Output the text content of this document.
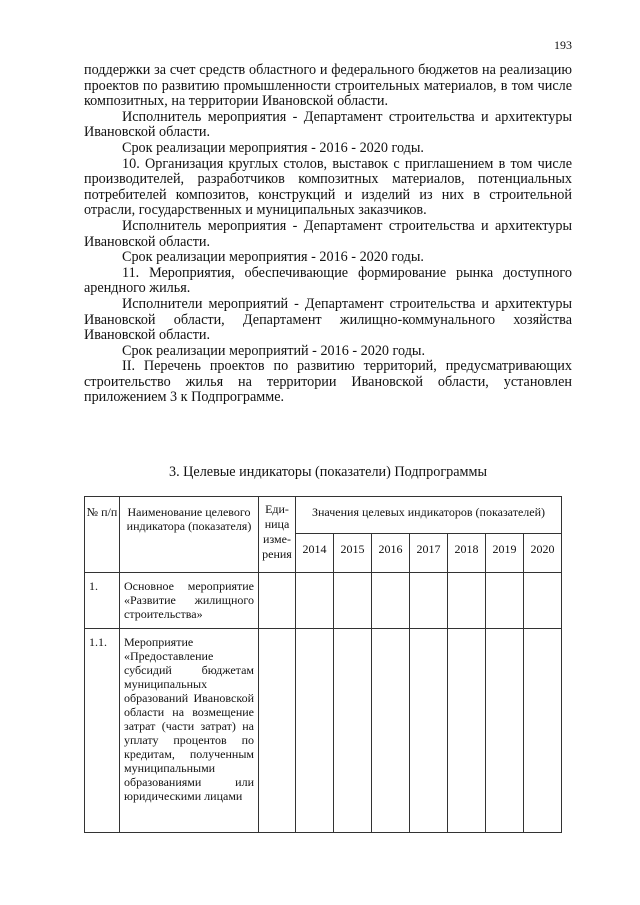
193

поддержки за счет средств областного и федерального бюджетов на реализацию проектов по развитию промышленности строительных материалов, в том числе композитных, на территории Ивановской области.

Исполнитель мероприятия - Департамент строительства и архитектуры Ивановской области.

Срок реализации мероприятия - 2016 - 2020 годы.

10. Организация круглых столов, выставок с приглашением в том числе производителей, разработчиков композитных материалов, потенциальных потребителей композитов, конструкций и изделий из них в строительной отрасли, государственных и муниципальных заказчиков.

Исполнитель мероприятия - Департамент строительства и архитектуры Ивановской области.

Срок реализации мероприятия - 2016 - 2020 годы.

11. Мероприятия, обеспечивающие формирование рынка доступного арендного жилья.

Исполнители мероприятий - Департамент строительства и архитектуры Ивановской области, Департамент жилищно-коммунального хозяйства Ивановской области.

Срок реализации мероприятий - 2016 - 2020 годы.

II. Перечень проектов по развитию территорий, предусматривающих строительство жилья на территории Ивановской области, установлен приложением 3 к Подпрограмме.

3. Целевые индикаторы (показатели) Подпрограммы

№ п/п	Наименование целевого индикатора (показателя)	Еди-ница изме-рения	Значения целевых индикаторов (показателей)						
			2014	2015	2016	2017	2018	2019	2020
1.	Основное мероприятие «Развитие жилищного строительства»								
1.1.	Мероприятие «Предоставление субсидий бюджетам муниципальных образований Ивановской области на возмещение затрат (части затрат) на уплату процентов по кредитам, полученным муниципальными образованиями или юридическими лицами								
